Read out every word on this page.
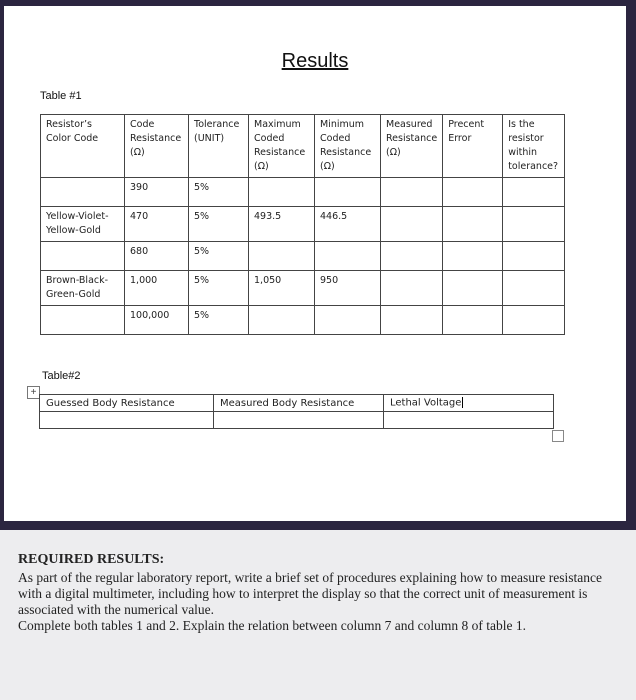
Results
Table #1
Resistor’s Color Code	Code Resistance (Ω)	Tolerance (UNIT)	Maximum Coded Resistance (Ω)	Minimum Coded Resistance (Ω)	Measured Resistance (Ω)	Precent Error	Is the resistor within tolerance?
	390	5%					
Yellow-Violet-Yellow-Gold	470	5%	493.5	446.5			
	680	5%					
Brown-Black-Green-Gold	1,000	5%	1,050	950			
	100,000	5%					
+
Table#2
Guessed Body Resistance	Measured Body Resistance	Lethal Voltage

REQUIRED RESULTS:

As part of the regular laboratory report, write a brief set of procedures explaining how to measure resistance with a digital multimeter, including how to interpret the display so that the correct unit of measurement is associated with the numerical value.

Complete both tables 1 and 2. Explain the relation between column 7 and column 8 of table 1.
